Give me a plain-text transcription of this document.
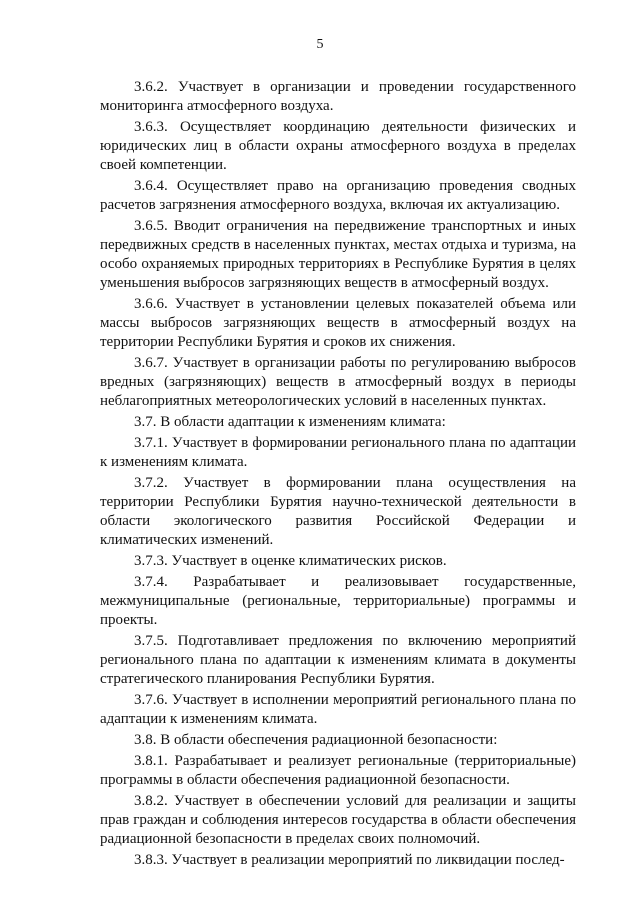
5

3.6.2. Участвует в организации и проведении государственного мониторинга атмосферного воздуха.

3.6.3. Осуществляет координацию деятельности физических и юридических лиц в области охраны атмосферного воздуха в пределах своей компетенции.

3.6.4. Осуществляет право на организацию проведения сводных расчетов загрязнения атмосферного воздуха, включая их актуализацию.

3.6.5. Вводит ограничения на передвижение транспортных и иных передвижных средств в населенных пунктах, местах отдыха и туризма, на особо охраняемых природных территориях в Республике Бурятия в целях уменьшения выбросов загрязняющих веществ в атмосферный воздух.

3.6.6. Участвует в установлении целевых показателей объема или массы выбросов загрязняющих веществ в атмосферный воздух на территории Республики Бурятия и сроков их снижения.

3.6.7. Участвует в организации работы по регулированию выбросов вредных (загрязняющих) веществ в атмосферный воздух в периоды неблагоприятных метеорологических условий в населенных пунктах.

3.7. В области адаптации к изменениям климата:

3.7.1. Участвует в формировании регионального плана по адаптации к изменениям климата.

3.7.2. Участвует в формировании плана осуществления на территории Республики Бурятия научно-технической деятельности в области экологического развития Российской Федерации и климатических изменений.

3.7.3. Участвует в оценке климатических рисков.

3.7.4. Разрабатывает и реализовывает государственные, межмуниципальные (региональные, территориальные) программы и проекты.

3.7.5. Подготавливает предложения по включению мероприятий регионального плана по адаптации к изменениям климата в документы стратегического планирования Республики Бурятия.

3.7.6. Участвует в исполнении мероприятий регионального плана по адаптации к изменениям климата.

3.8. В области обеспечения радиационной безопасности:

3.8.1. Разрабатывает и реализует региональные (территориальные) программы в области обеспечения радиационной безопасности.

3.8.2. Участвует в обеспечении условий для реализации и защиты прав граждан и соблюдения интересов государства в области обеспечения радиационной безопасности в пределах своих полномочий.

3.8.3. Участвует в реализации мероприятий по ликвидации послед-
